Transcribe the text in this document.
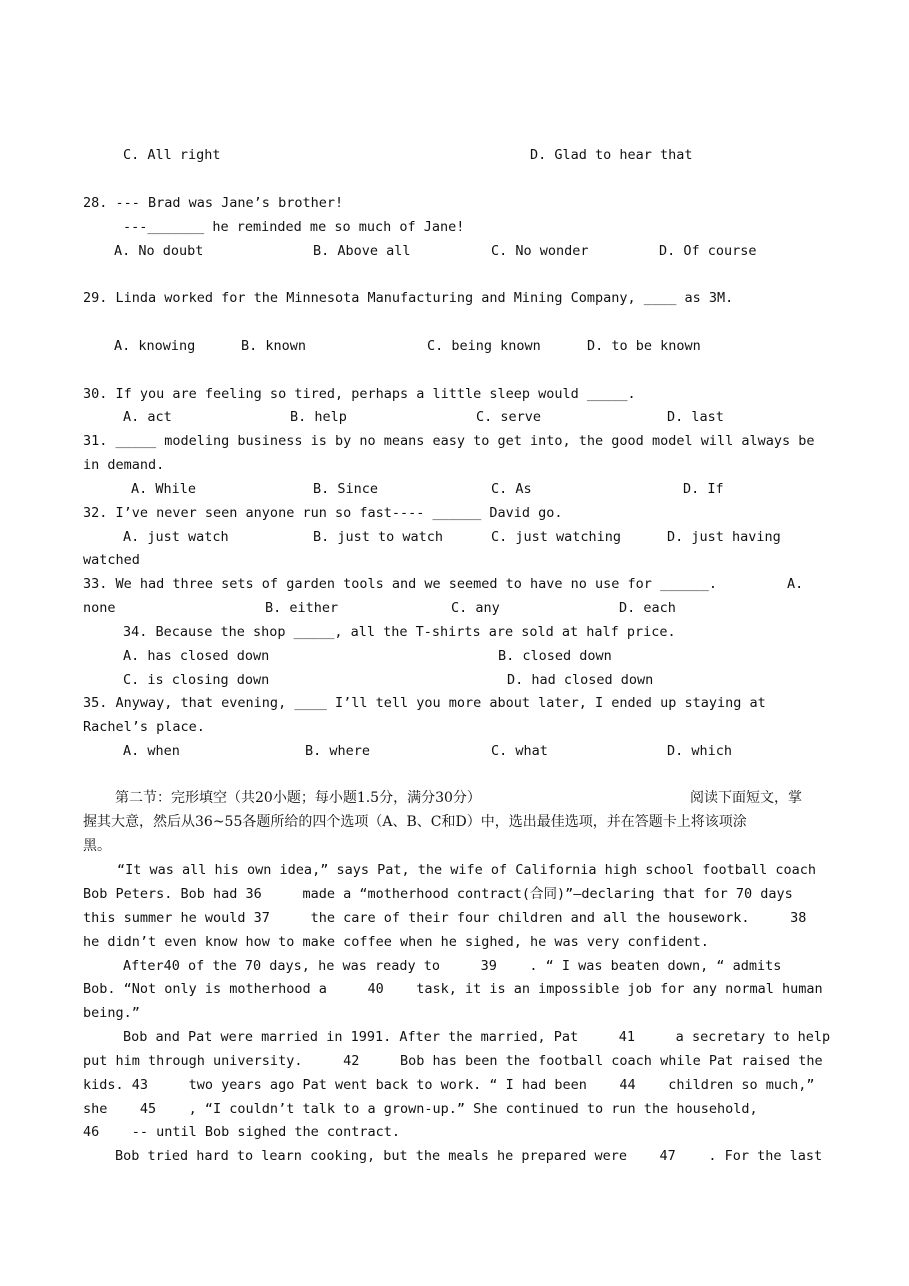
C. All right	D. Glad to hear that
28. --- Brad was Jane’s brother!
---_______ he reminded me so much of Jane!
A. No doubt	B. Above all	C. No wonder	D. Of course
29. Linda worked for the Minnesota Manufacturing and Mining Company, ____ as 3M.
A. knowing	B. known	C. being known	D. to be known
30. If you are feeling so tired, perhaps a little sleep would _____.
A. act	B. help	C. serve	D. last
31. _____ modeling business is by no means easy to get into, the good model will always be
in demand.
A. While	B. Since	C. As	D. If
32. I’ve never seen anyone run so fast---- ______ David go.
A. just watch	B. just to watch	C. just watching	D. just having
watched
33. We had three sets of garden tools and we seemed to have no use for ______.	A.
none	B. either	C. any	D. each
34. Because the shop _____, all the T-shirts are sold at half price.
A. has closed down	B. closed down
C. is closing down	D. had closed down
35. Anyway, that evening, ____ I’ll tell you more about later, I ended up staying at
Rachel’s place.
A. when	B. where	C. what	D. which
第二节：完形填空（共20小题；每小题1.5分，满分30分）	阅读下面短文，掌
握其大意，然后从36~55各题所给的四个选项（A、B、C和D）中，选出最佳选项，并在答题卡上将该项涂
黑。
“It was all his own idea,” says Pat, the wife of California high school football coach
Bob Peters. Bob had 36     made a “motherhood contract(合同)”—declaring that for 70 days
this summer he would 37     the care of their four children and all the housework.     38
he didn’t even know how to make coffee when he sighed, he was very confident.
After40 of the 70 days, he was ready to     39    . “ I was beaten down, “ admits
Bob. “Not only is motherhood a     40    task, it is an impossible job for any normal human
being.”
Bob and Pat were married in 1991. After the married, Pat     41     a secretary to help
put him through university.     42     Bob has been the football coach while Pat raised the
kids. 43     two years ago Pat went back to work. “ I had been    44    children so much,”
she    45    , “I couldn’t talk to a grown-up.” She continued to run the household,
46    -- until Bob sighed the contract.
Bob tried hard to learn cooking, but the meals he prepared were    47    . For the last
